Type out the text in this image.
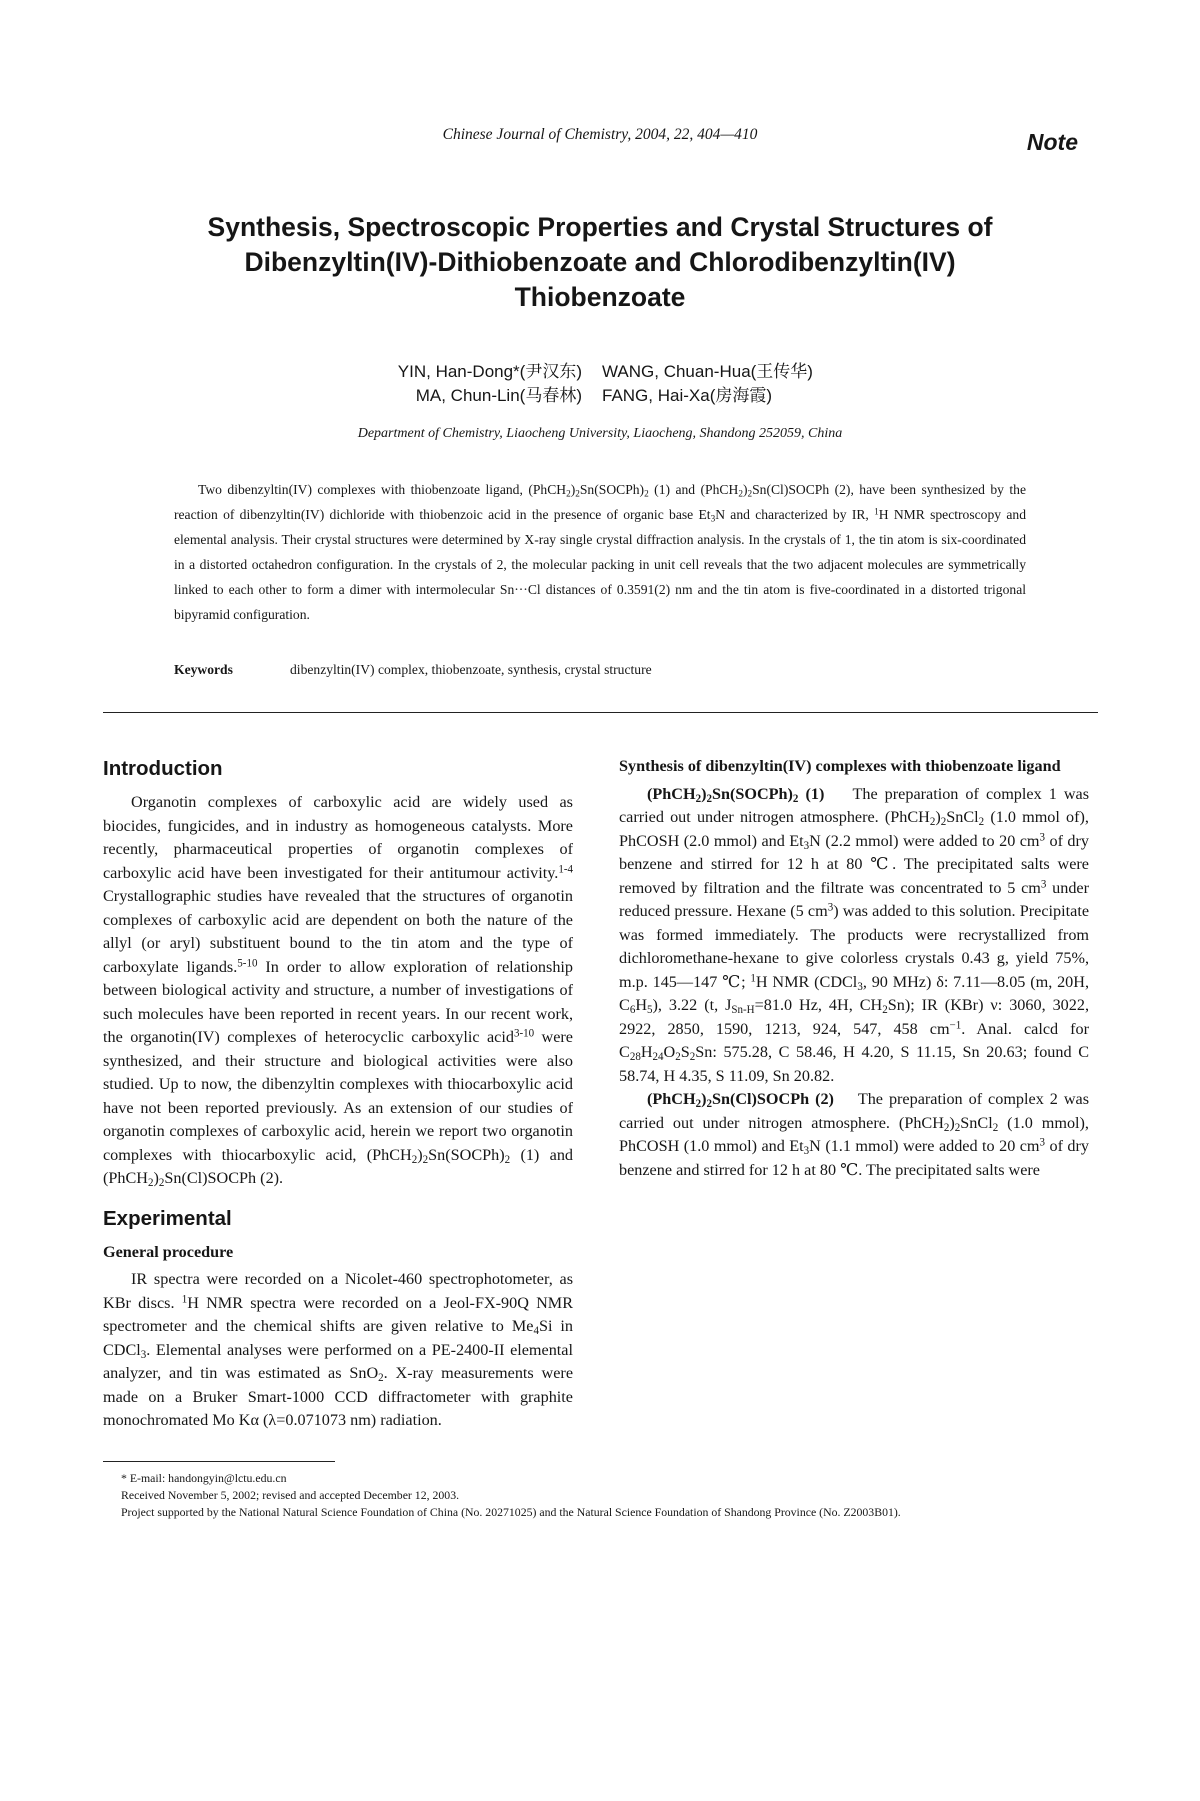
Chinese Journal of Chemistry, 2004, 22, 404—410	Note
Synthesis, Spectroscopic Properties and Crystal Structures of
Dibenzyltin(IV)-Dithiobenzoate and Chlorodibenzyltin(IV)
Thiobenzoate
YIN, Han-Dong*(尹汉东) WANG, Chuan-Hua(王传华)
MA, Chun-Lin(马春林) FANG, Hai-Xa(房海霞)
Department of Chemistry, Liaocheng University, Liaocheng, Shandong 252059, China

Two dibenzyltin(IV) complexes with thiobenzoate ligand, $(PhCH_2)_2Sn(SOCPh)_2$ (1) and $(PhCH_2)_2Sn(Cl)SOCPh$ (2), have been synthesized by the reaction of dibenzyltin(IV) dichloride with thiobenzoic acid in the presence of organic base $Et_3N$ and characterized by IR, $^1$H NMR spectroscopy and elemental analysis. Their crystal structures were determined by X-ray single crystal diffraction analysis. In the crystals of 1, the tin atom is six-coordinated in a distorted octahedron configuration. In the crystals of 2, the molecular packing in unit cell reveals that the two adjacent molecules are symmetrically linked to each other to form a dimer with intermolecular Sn···Cl distances of 0.3591(2) nm and the tin atom is five-coordinated in a distorted trigonal bipyramid configuration.

Keywords	dibenzyltin(IV) complex, thiobenzoate, synthesis, crystal structure
Introduction

Organotin complexes of carboxylic acid are widely used as biocides, fungicides, and in industry as homogeneous catalysts. More recently, pharmaceutical properties of organotin complexes of carboxylic acid have been investigated for their antitumour activity.$^{1-4}$ Crystallographic studies have revealed that the structures of organotin complexes of carboxylic acid are dependent on both the nature of the allyl (or aryl) substituent bound to the tin atom and the type of carboxylate ligands.$^{5-10}$ In order to allow exploration of relationship between biological activity and structure, a number of investigations of such molecules have been reported in recent years. In our recent work, the organotin(IV) complexes of heterocyclic carboxylic acid$^{3-10}$ were synthesized, and their structure and biological activities were also studied. Up to now, the dibenzyltin complexes with thiocarboxylic acid have not been reported previously. As an extension of our studies of organotin complexes of carboxylic acid, herein we report two organotin complexes with thiocarboxylic acid, $(PhCH_2)_2Sn(SOCPh)_2$ (1) and $(PhCH_2)_2Sn(Cl)SOCPh$ (2).

Experimental

General procedure

IR spectra were recorded on a Nicolet-460 spectrophotometer, as KBr discs. $^1$H NMR spectra were recorded on a Jeol-FX-90Q NMR spectrometer and the chemical shifts are given relative to $Me_4Si$ in CDCl$_3$. Elemental analyses were performed on a PE-2400-II elemental analyzer, and tin was estimated as SnO$_2$. X-ray measurements were made on a Bruker Smart-1000 CCD diffractometer with graphite monochromated Mo Kα (λ=0.071073 nm) radiation.

Synthesis of dibenzyltin(IV) complexes with thiobenzoate ligand

$(PhCH_2)_2Sn(SOCPh)_2$ (1) The preparation of complex 1 was carried out under nitrogen atmosphere. $(PhCH_2)_2SnCl_2$ (1.0 mmol of), PhCOSH (2.0 mmol) and $Et_3N$ (2.2 mmol) were added to 20 $cm^3$ of dry benzene and stirred for 12 h at 80 ℃. The precipitated salts were removed by filtration and the filtrate was concentrated to 5 $cm^3$ under reduced pressure. Hexane (5 $cm^3$) was added to this solution. Precipitate was formed immediately. The products were recrystallized from dichloromethane-hexane to give colorless crystals 0.43 g, yield 75%, m.p. 145—147 ℃; $^1$H NMR (CDCl$_3$, 90 MHz) δ: 7.11—8.05 (m, 20H, $C_6H_5$), 3.22 (t, $J_{Sn-H}=81.0$ Hz, 4H, $CH_2Sn$); IR (KBr) ν: 3060, 3022, 2922, 2850, 1590, 1213, 924, 547, 458 $cm^{-1}$. Anal. calcd for $C_{28}H_{24}O_2S_2Sn$: 575.28, C 58.46, H 4.20, S 11.15, Sn 20.63; found C 58.74, H 4.35, S 11.09, Sn 20.82.

$(PhCH_2)_2Sn(Cl)SOCPh$ (2) The preparation of complex 2 was carried out under nitrogen atmosphere. $(PhCH_2)_2SnCl_2$ (1.0 mmol), PhCOSH (1.0 mmol) and $Et_3N$ (1.1 mmol) were added to 20 $cm^3$ of dry benzene and stirred for 12 h at 80 ℃. The precipitated salts were

* E-mail: handongyin@lctu.edu.cn
Received November 5, 2002; revised and accepted December 12, 2003.
Project supported by the National Natural Science Foundation of China (No. 20271025) and the Natural Science Foundation of Shandong Province (No. Z2003B01).
